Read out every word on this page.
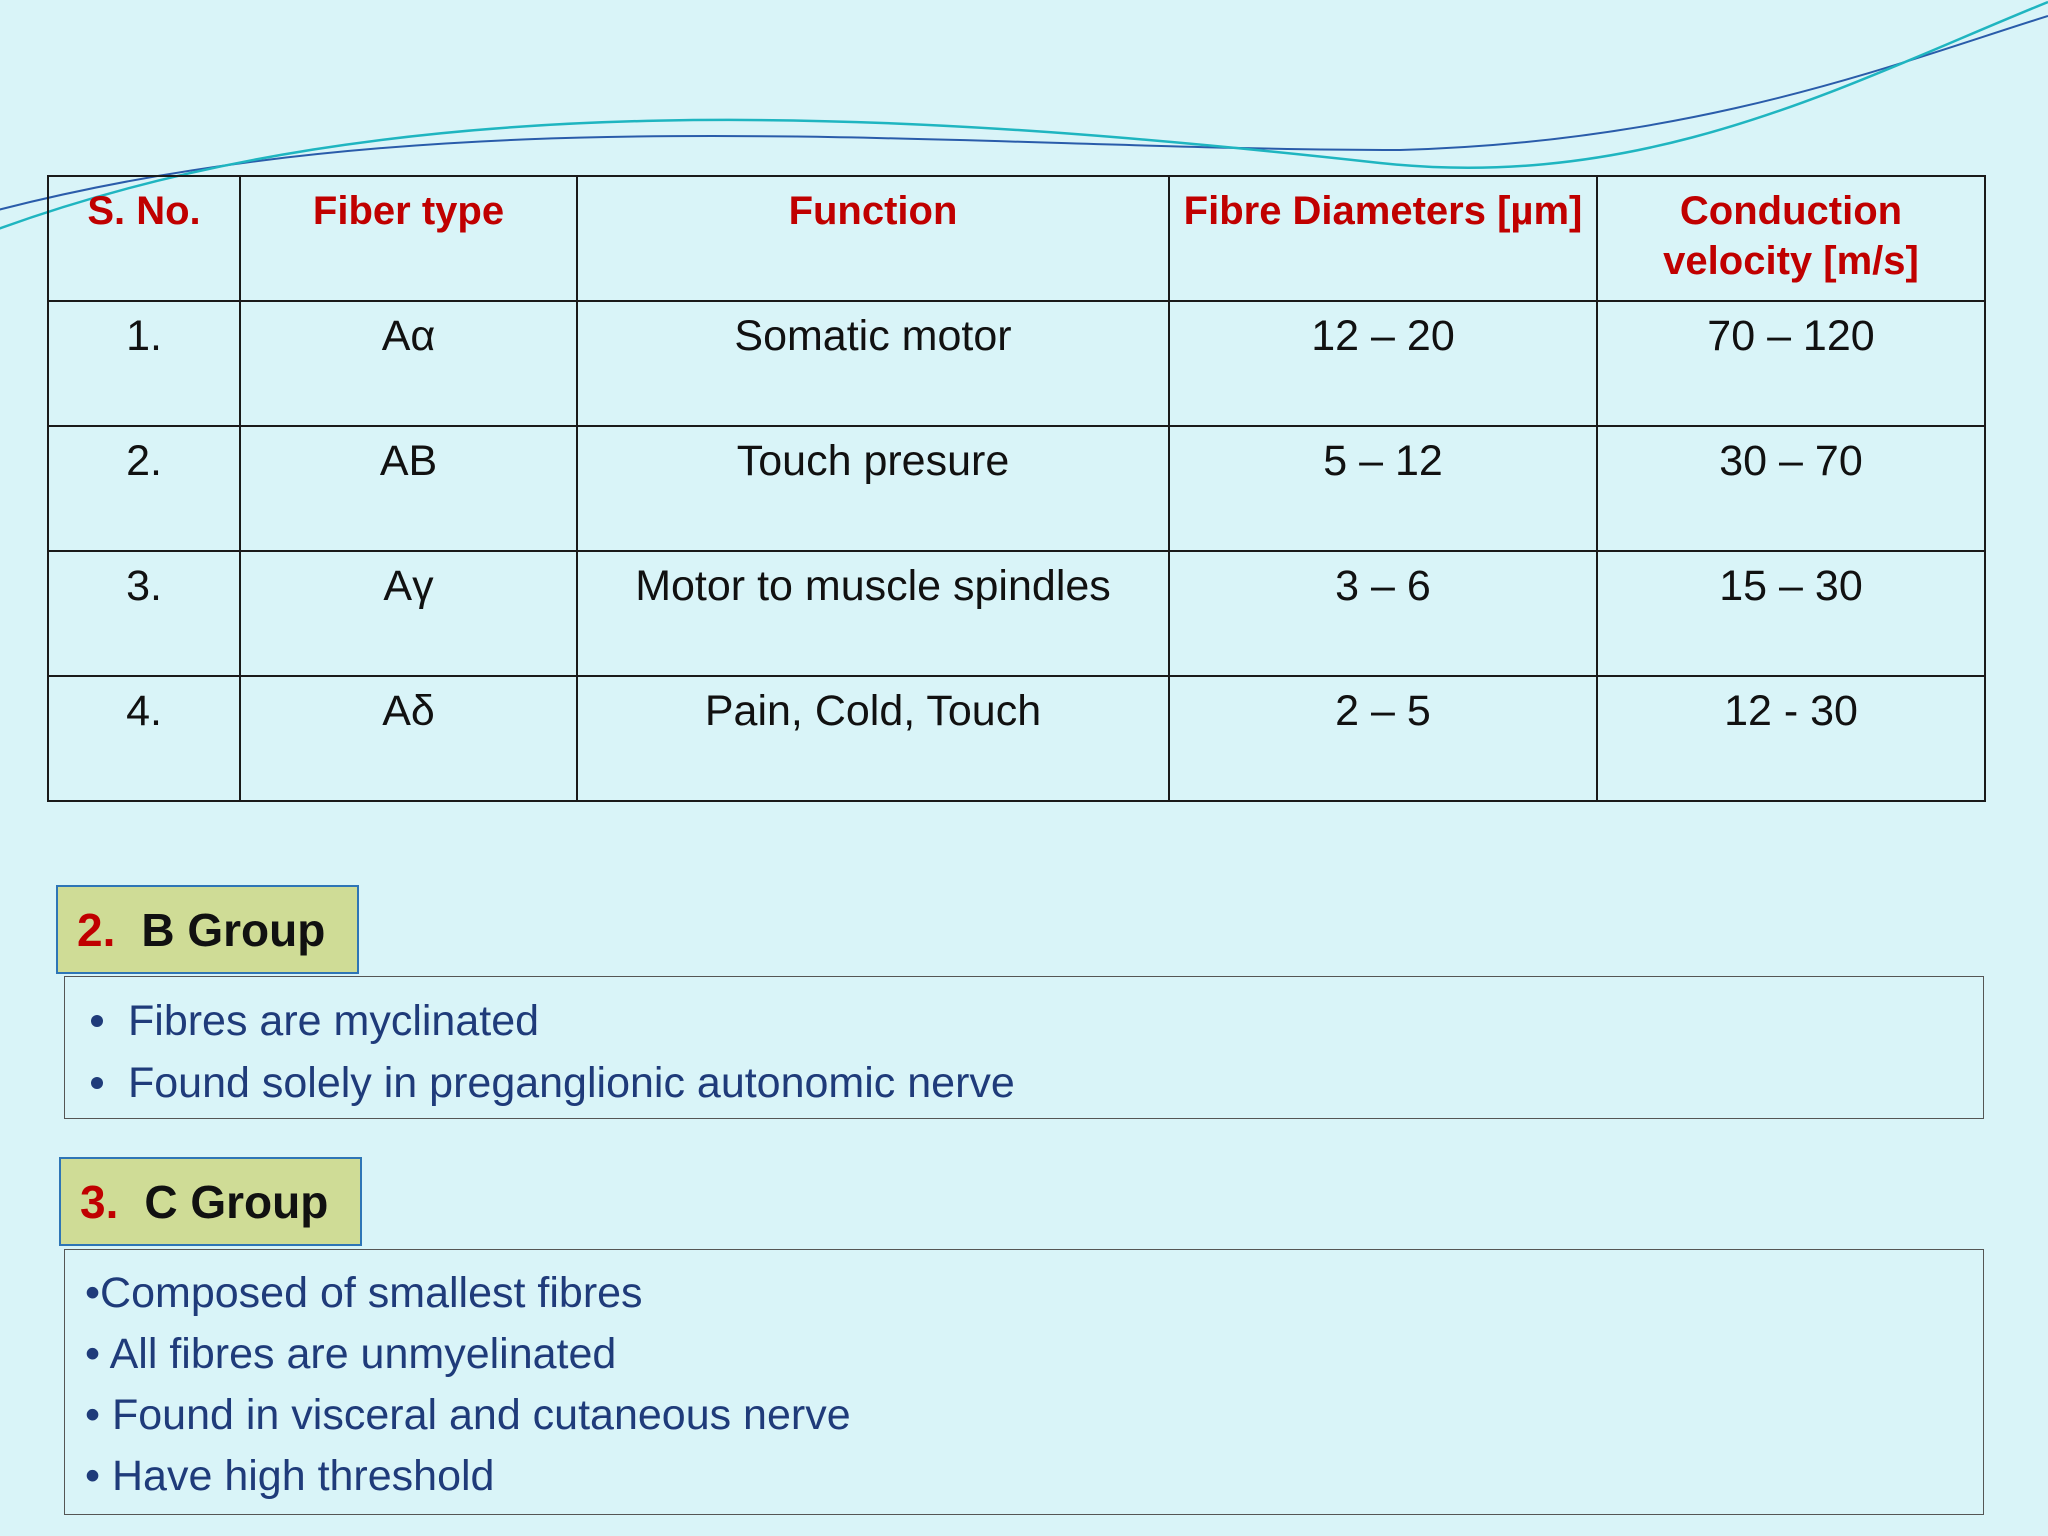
S. No.	Fiber type	Function	Fibre Diameters [µm]	Conduction velocity [m/s]
1.	Aα	Somatic motor	12 – 20	70 – 120
2.	AB	Touch presure	5 – 12	30 – 70
3.	Aγ	Motor to muscle spindles	3 – 6	15 – 30
4.	Aδ	Pain, Cold, Touch	2 – 5	12 - 30
2. B Group
Fibres are myclinated
Found solely in preganglionic autonomic nerve
3. C Group
•Composed of smallest fibres
• All fibres are unmyelinated
• Found in visceral and cutaneous nerve
• Have high threshold
